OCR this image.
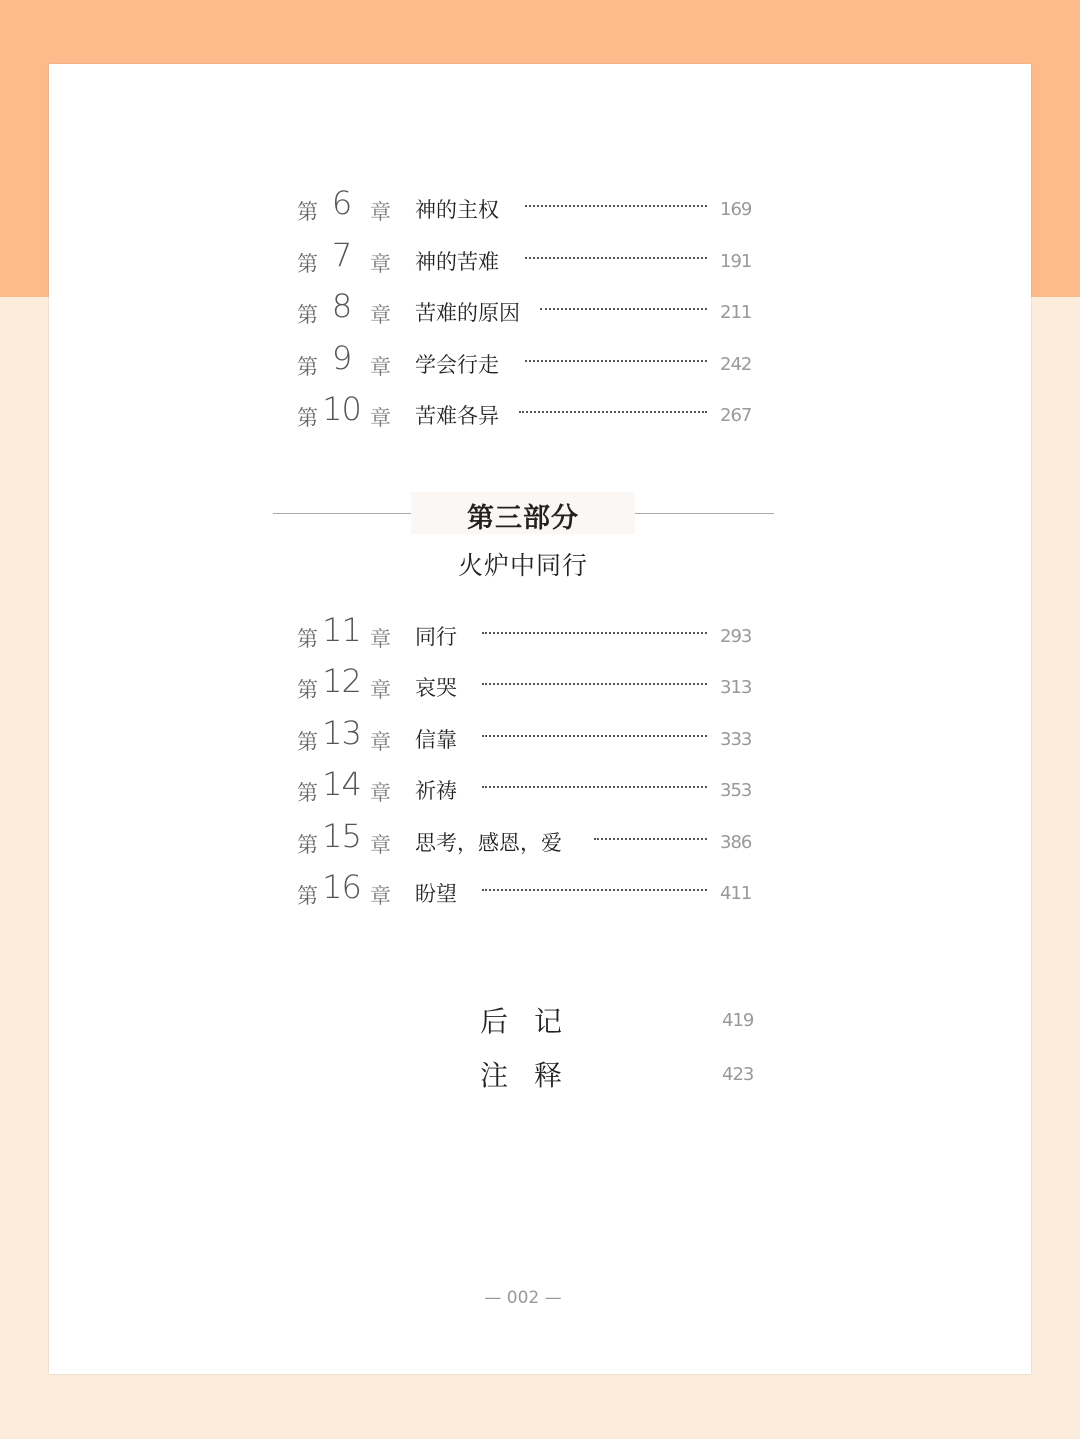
第 6 章 神的主权	169
第 7 章 神的苦难	191
第 8 章 苦难的原因	211
第 9 章 学会行走	242
第 10 章 苦难各异	267
第三部分
火炉中同行
第 11 章 同行	293
第 12 章 哀哭	313
第 13 章 信靠	333
第 14 章 祈祷	353
第 15 章 思考，感恩，爱	386
第 16 章 盼望	411
后记	419
注释	423
— 002 —
